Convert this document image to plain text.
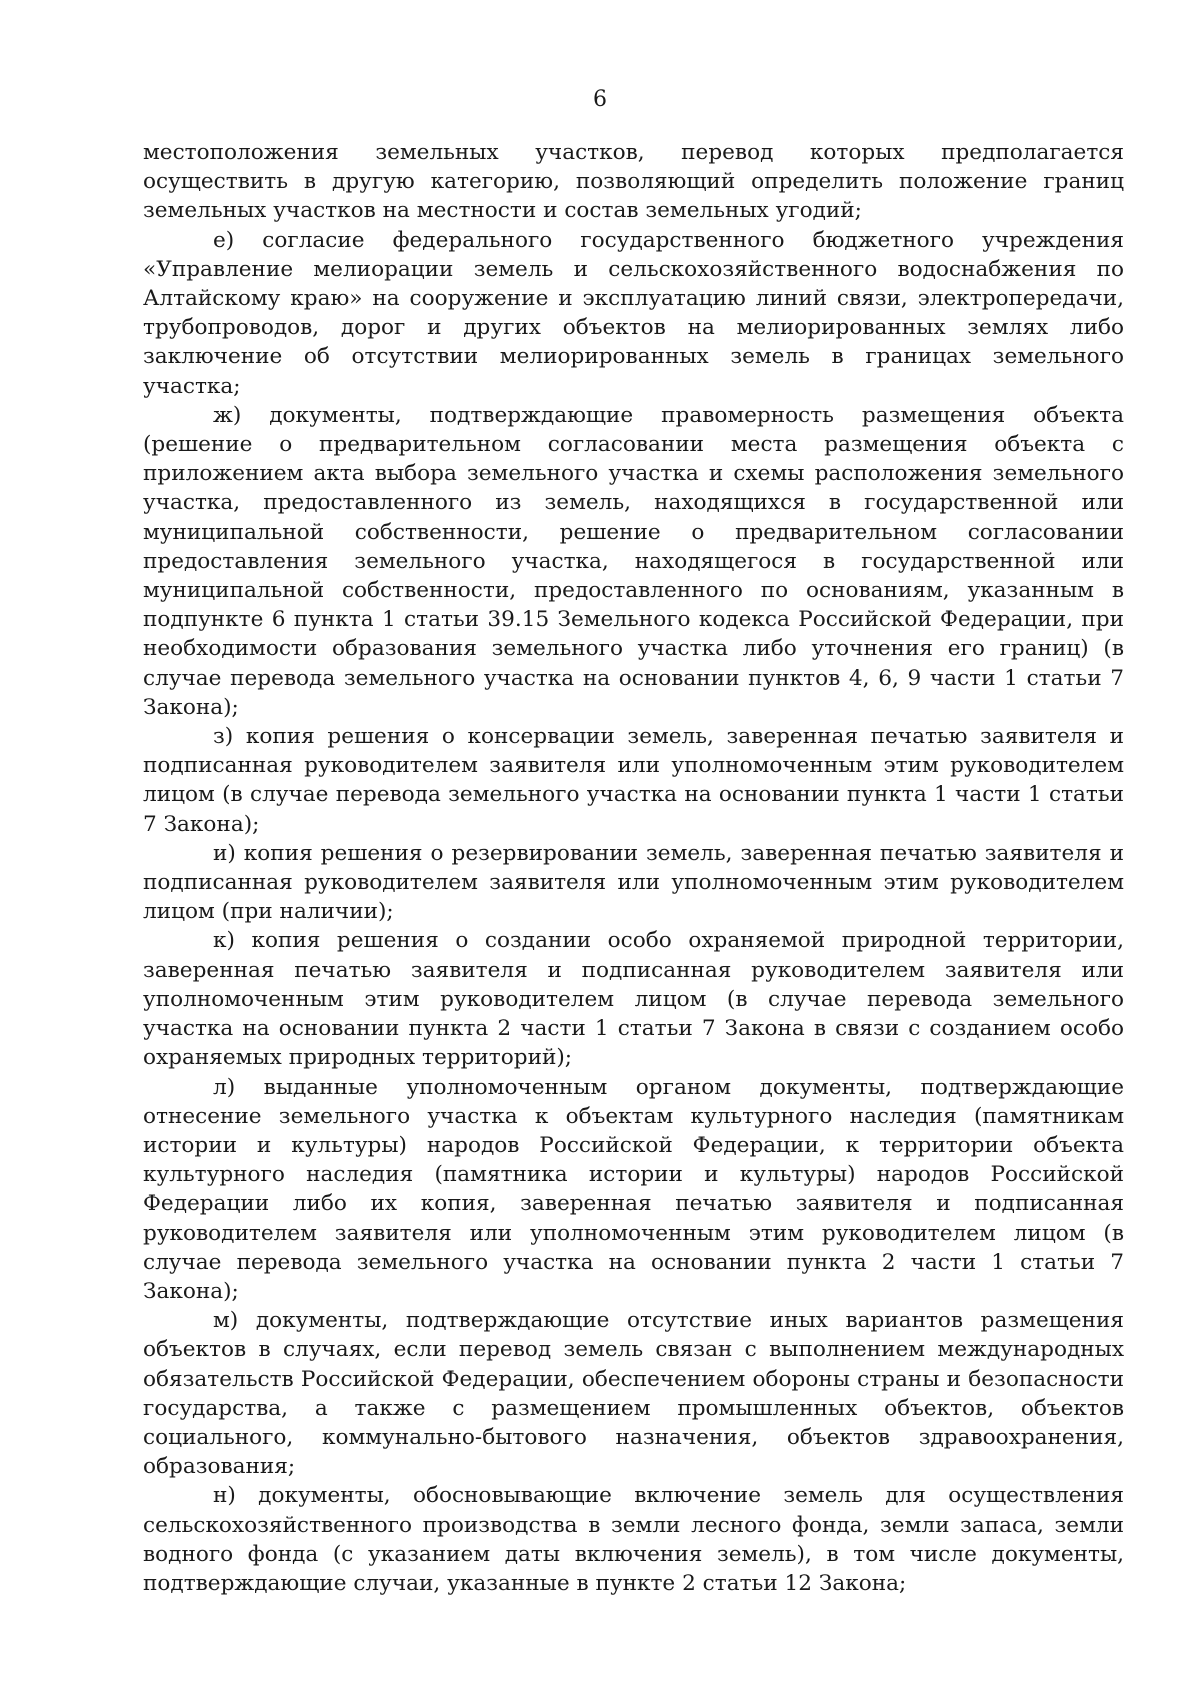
6

местоположения земельных участков, перевод которых предполагается осуществить в другую категорию, позволяющий определить положение границ земельных участков на местности и состав земельных угодий;

е) согласие федерального государственного бюджетного учреждения «Управление мелиорации земель и сельскохозяйственного водоснабжения по Алтайскому краю» на сооружение и эксплуатацию линий связи, электропередачи, трубопроводов, дорог и других объектов на мелиорированных землях либо заключение об отсутствии мелиорированных земель в границах земельного участка;

ж) документы, подтверждающие правомерность размещения объекта (решение о предварительном согласовании места размещения объекта с приложением акта выбора земельного участка и схемы расположения земельного участка, предоставленного из земель, находящихся в государственной или муниципальной собственности, решение о предварительном согласовании предоставления земельного участка, находящегося в государственной или муниципальной собственности, предоставленного по основаниям, указанным в подпункте 6 пункта 1 статьи 39.15 Земельного кодекса Российской Федерации, при необходимости образования земельного участка либо уточнения его границ) (в случае перевода земельного участка на основании пунктов 4, 6, 9 части 1 статьи 7 Закона);

з) копия решения о консервации земель, заверенная печатью заявителя и подписанная руководителем заявителя или уполномоченным этим руководителем лицом (в случае перевода земельного участка на основании пункта 1 части 1 статьи 7 Закона);

и) копия решения о резервировании земель, заверенная печатью заявителя и подписанная руководителем заявителя или уполномоченным этим руководителем лицом (при наличии);

к) копия решения о создании особо охраняемой природной территории, заверенная печатью заявителя и подписанная руководителем заявителя или уполномоченным этим руководителем лицом (в случае перевода земельного участка на основании пункта 2 части 1 статьи 7 Закона в связи с созданием особо охраняемых природных территорий);

л) выданные уполномоченным органом документы, подтверждающие отнесение земельного участка к объектам культурного наследия (памятникам истории и культуры) народов Российской Федерации, к территории объекта культурного наследия (памятника истории и культуры) народов Российской Федерации либо их копия, заверенная печатью заявителя и подписанная руководителем заявителя или уполномоченным этим руководителем лицом (в случае перевода земельного участка на основании пункта 2 части 1 статьи 7 Закона);

м) документы, подтверждающие отсутствие иных вариантов размещения объектов в случаях, если перевод земель связан с выполнением международных обязательств Российской Федерации, обеспечением обороны страны и безопасности государства, а также с размещением промышленных объектов, объектов социального, коммунально-бытового назначения, объектов здравоохранения, образования;

н) документы, обосновывающие включение земель для осуществления сельскохозяйственного производства в земли лесного фонда, земли запаса, земли водного фонда (с указанием даты включения земель), в том числе документы, подтверждающие случаи, указанные в пункте 2 статьи 12 Закона;
